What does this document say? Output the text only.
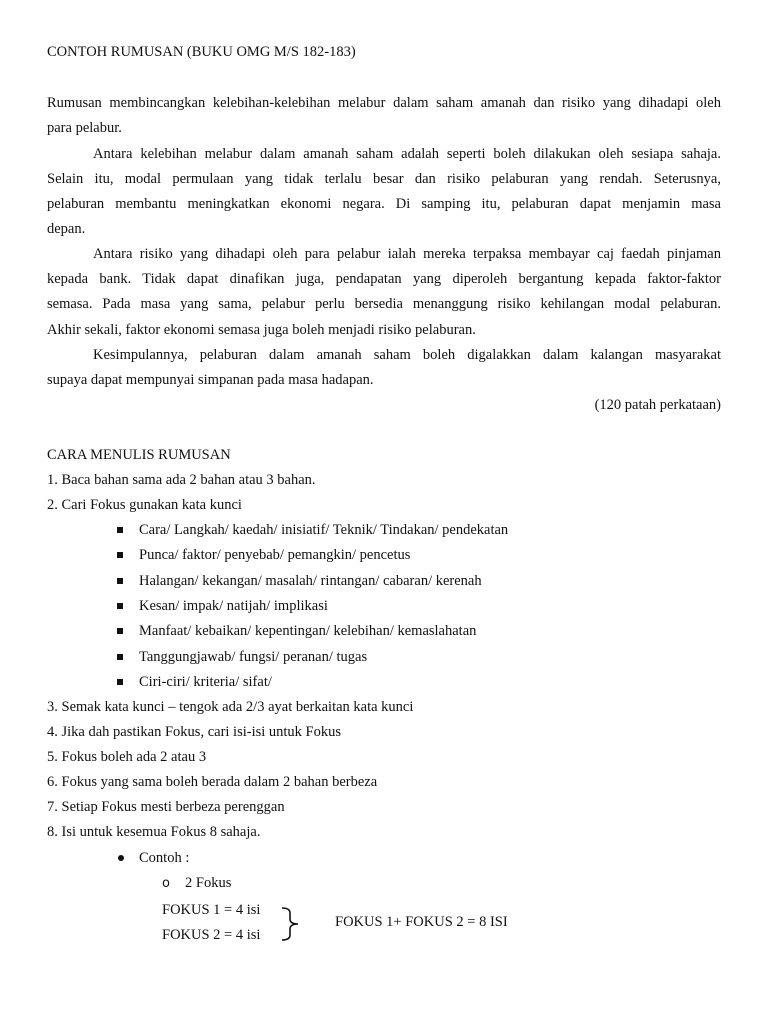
CONTOH RUMUSAN (BUKU OMG M/S 182-183)
Rumusan membincangkan kelebihan-kelebihan melabur dalam saham amanah dan risiko yang dihadapi oleh
para pelabur.
Antara kelebihan melabur dalam amanah saham adalah seperti boleh dilakukan oleh sesiapa sahaja.
Selain itu, modal permulaan yang tidak terlalu besar dan risiko pelaburan yang rendah. Seterusnya,
pelaburan membantu meningkatkan ekonomi negara. Di samping itu, pelaburan dapat menjamin masa
depan.
Antara risiko yang dihadapi oleh para pelabur ialah mereka terpaksa membayar caj faedah pinjaman
kepada bank. Tidak dapat dinafikan juga, pendapatan yang diperoleh bergantung kepada faktor-faktor
semasa. Pada masa yang sama, pelabur perlu bersedia menanggung risiko kehilangan modal pelaburan.
Akhir sekali, faktor ekonomi semasa juga boleh menjadi risiko pelaburan.
Kesimpulannya, pelaburan dalam amanah saham boleh digalakkan dalam kalangan masyarakat
supaya dapat mempunyai simpanan pada masa hadapan.
(120 patah perkataan)
CARA MENULIS RUMUSAN
1. Baca bahan sama ada 2 bahan atau 3 bahan.
2. Cari Fokus gunakan kata kunci
Cara/ Langkah/ kaedah/ inisiatif/ Teknik/ Tindakan/ pendekatan
Punca/ faktor/ penyebab/ pemangkin/ pencetus
Halangan/ kekangan/ masalah/ rintangan/ cabaran/ kerenah
Kesan/ impak/ natijah/ implikasi
Manfaat/ kebaikan/ kepentingan/ kelebihan/ kemaslahatan
Tanggungjawab/ fungsi/ peranan/ tugas
Ciri-ciri/ kriteria/ sifat/
3. Semak kata kunci – tengok ada 2/3 ayat berkaitan kata kunci
4. Jika dah pastikan Fokus, cari isi-isi untuk Fokus
5. Fokus boleh ada 2 atau 3
6. Fokus yang sama boleh berada dalam 2 bahan berbeza
7. Setiap Fokus mesti berbeza perenggan
8. Isi untuk kesemua Fokus 8 sahaja.
Contoh :
o 2 Fokus
FOKUS 1 = 4 isi
FOKUS 2 = 4 isi
FOKUS 1+ FOKUS 2 = 8 ISI
